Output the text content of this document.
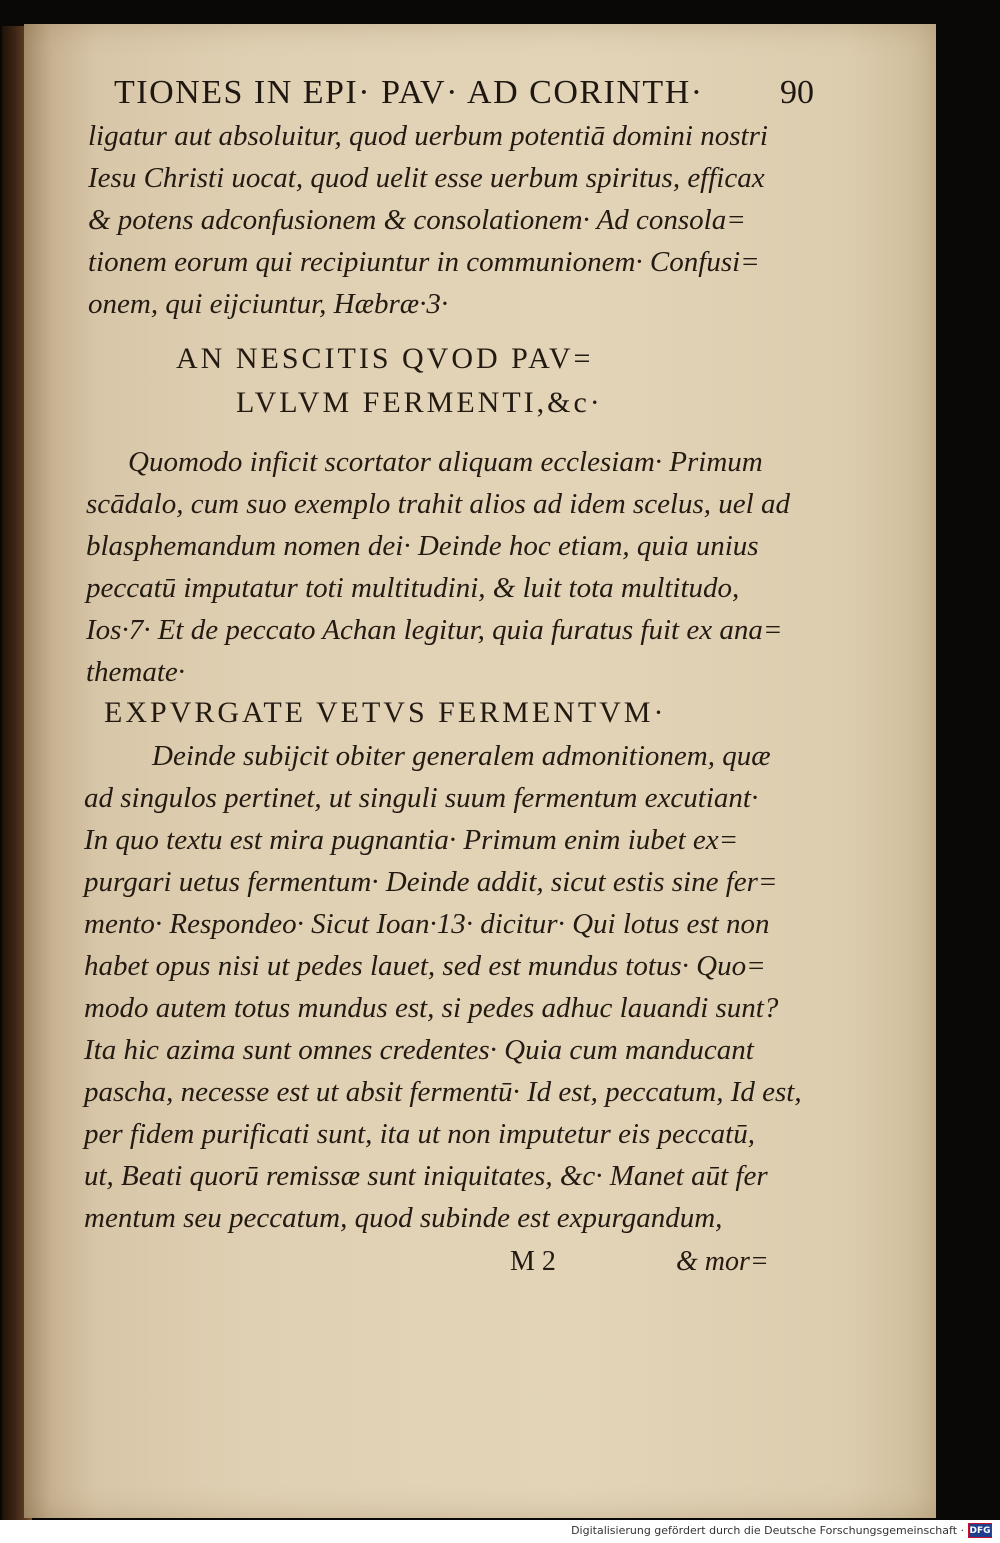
TIONES IN EPI· PAV· AD CORINTH·	90
ligatur aut absoluitur, quod uerbum potentiā domini nostri
Iesu Christi uocat, quod uelit esse uerbum spiritus, efficax
& potens adconfusionem & consolationem· Ad consola=
tionem eorum qui recipiuntur in communionem· Confusi=
onem, qui eijciuntur, Hæbræ·3·
AN NESCITIS QVOD PAV=
LVLVM FERMENTI,&c·
Quomodo inficit scortator aliquam ecclesiam· Primum
scādalo, cum suo exemplo trahit alios ad idem scelus, uel ad
blasphemandum nomen dei· Deinde hoc etiam, quia unius
peccatū imputatur toti multitudini, & luit tota multitudo,
Ios·7· Et de peccato Achan legitur, quia furatus fuit ex ana=
themate·
EXPVRGATE VETVS FERMENTVM·
Deinde subijcit obiter generalem admonitionem, quæ
ad singulos pertinet, ut singuli suum fermentum excutiant·
In quo textu est mira pugnantia· Primum enim iubet ex=
purgari uetus fermentum· Deinde addit, sicut estis sine fer=
mento· Respondeo· Sicut Ioan·13· dicitur· Qui lotus est non
habet opus nisi ut pedes lauet, sed est mundus totus· Quo=
modo autem totus mundus est, si pedes adhuc lauandi sunt?
Ita hic azima sunt omnes credentes· Quia cum manducant
pascha, necesse est ut absit fermentū· Id est, peccatum, Id est,
per fidem purificati sunt, ita ut non imputetur eis peccatū,
ut, Beati quorū remissæ sunt iniquitates, &c· Manet aūt fer
mentum seu peccatum, quod subinde est expurgandum,
M 2	& mor=
Digitalisierung gefördert durch die Deutsche Forschungsgemeinschaft · DFG
